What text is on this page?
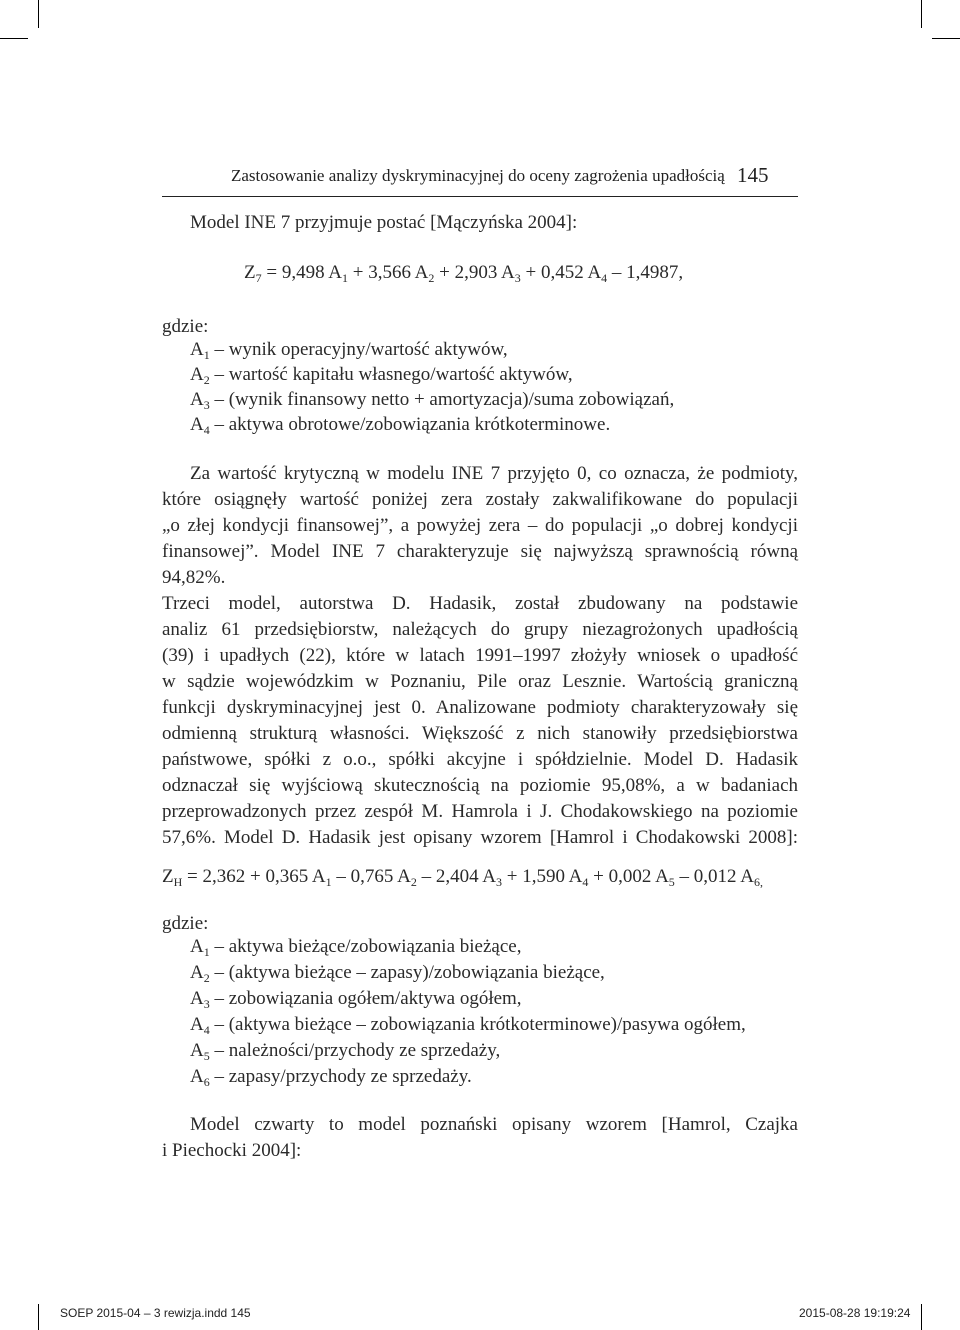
Zastosowanie analizy dyskryminacyjnej do oceny zagrożenia upadłością 145
Model INE 7 przyjmuje postać [Mączyńska 2004]:
$Z_7 = 9,498$ $A_1 + 3,566$ $A_2 + 2,903$ $A_3 + 0,452$ $A_4 - 1,4987$,
gdzie:
$A_1$ – wynik operacyjny/wartość aktywów,
$A_2$ – wartość kapitału własnego/wartość aktywów,
$A_3$ – (wynik finansowy netto + amortyzacja)/suma zobowiązań,
$A_4$ – aktywa obrotowe/zobowiązania krótkoterminowe.
Za wartość krytyczną w modelu INE 7 przyjęto 0, co oznacza, że podmioty,
które osiągnęły wartość poniżej zera zostały zakwalifikowane do populacji
„o złej kondycji finansowej”, a powyżej zera – do populacji „o dobrej kondycji
finansowej”. Model INE 7 charakteryzuje się najwyższą sprawnością równą
94,82%.
Trzeci model, autorstwa D. Hadasik, został zbudowany na podstawie
analiz 61 przedsiębiorstw, należących do grupy niezagrożonych upadłością
(39) i upadłych (22), które w latach 1991–1997 złożyły wniosek o upadłość
w sądzie wojewódzkim w Poznaniu, Pile oraz Lesznie. Wartością graniczną
funkcji dyskryminacyjnej jest 0. Analizowane podmioty charakteryzowały się
odmienną strukturą własności. Większość z nich stanowiły przedsiębiorstwa
państwowe, spółki z o.o., spółki akcyjne i spółdzielnie. Model D. Hadasik
odznaczał się wyjściową skutecznością na poziomie 95,08%, a w badaniach
przeprowadzonych przez zespół M. Hamrola i J. Chodakowskiego na poziomie
57,6%. Model D. Hadasik jest opisany wzorem [Hamrol i Chodakowski 2008]:
$Z_H = 2,362 + 0,365$ $A_1 - 0,765$ $A_2 - 2,404$ $A_3 + 1,590$ $A_4 + 0,002$ $A_5 - 0,012$ $A_{6,}$
gdzie:
$A_1$ – aktywa bieżące/zobowiązania bieżące,
$A_2$ – (aktywa bieżące – zapasy)/zobowiązania bieżące,
$A_3$ – zobowiązania ogółem/aktywa ogółem,
$A_4$ – (aktywa bieżące – zobowiązania krótkoterminowe)/pasywa ogółem,
$A_5$ – należności/przychody ze sprzedaży,
$A_6$ – zapasy/przychody ze sprzedaży.
Model czwarty to model poznański opisany wzorem [Hamrol, Czajka
i Piechocki 2004]:
SOEP 2015-04 – 3 rewizja.indd 145	2015-08-28 19:19:24
